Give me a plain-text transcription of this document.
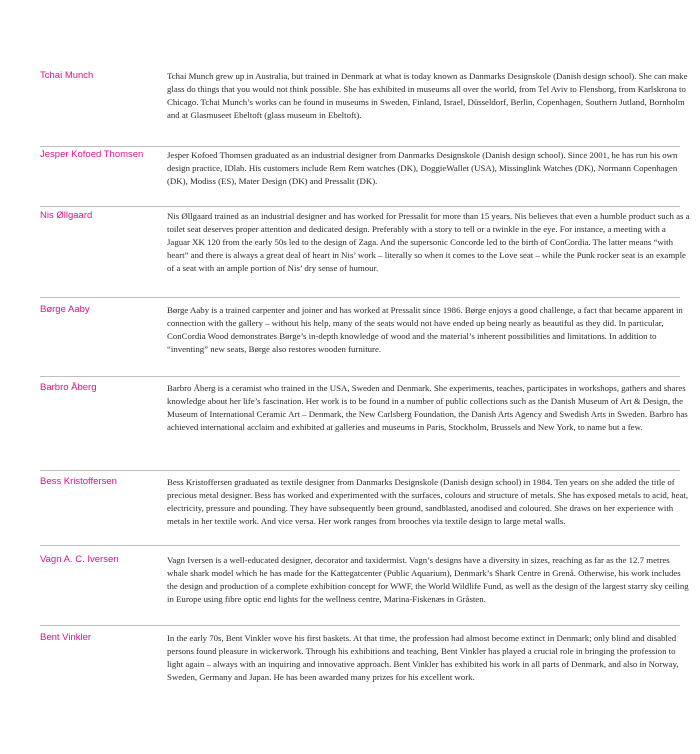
Tchai Munch	Tchai Munch grew up in Australia, but trained in Denmark at what is today known as Danmarks Designskole (Danish design school). She can make glass do things that you would not think possible. She has exhibited in museums all over the world, from Tel Aviv to Flensborg, from Karlskrona to Chicago. Tchai Munch’s works can be found in museums in Sweden, Finland, Israel, Düsseldorf, Berlin, Copenhagen, Southern Jutland, Bornholm and at Glasmuseet Ebeltoft (glass museum in Ebeltoft).
Jesper Kofoed Thomsen	Jesper Kofoed Thomsen graduated as an industrial designer from Danmarks Designskole (Danish design school). Since 2001, he has run his own design practice, IDlab. His customers include Rem Rem watches (DK), DoggieWallet (USA), Missinglink Watches (DK), Normann Copenhagen (DK), Modiss (ES), Mater Design (DK) and Pressalit (DK).
Nis Øllgaard	Nis Øllgaard trained as an industrial designer and has worked for Pressalit for more than 15 years. Nis believes that even a humble product such as a toilet seat deserves proper attention and dedicated design. Preferably with a story to tell or a twinkle in the eye. For instance, a meeting with a Jaguar XK 120 from the early 50s led to the design of Zaga. And the supersonic Concorde led to the birth of ConCordia. The latter means “with heart” and there is always a great deal of heart in Nis’ work – literally so when it comes to the Love seat – while the Punk rocker seat is an example of a seat with an ample portion of Nis’ dry sense of humour.
Børge Aaby	Børge Aaby is a trained carpenter and joiner and has worked at Pressalit since 1986. Børge enjoys a good challenge, a fact that became apparent in connection with the gallery – without his help, many of the seats would not have ended up being nearly as beautiful as they did. In particular, ConCordia Wood demonstrates Børge’s in-depth knowledge of wood and the material’s inherent possibilities and limitations. In addition to “inventing” new seats, Børge also restores wooden furniture.
Barbro Åberg	Barbro Åberg is a ceramist who trained in the USA, Sweden and Denmark. She experiments, teaches, participates in workshops, gathers and shares knowledge about her life’s fascination. Her work is to be found in a number of public collections such as the Danish Museum of Art & Design, the Museum of International Ceramic Art – Denmark, the New Carlsberg Foundation, the Danish Arts Agency and Swedish Arts in Sweden. Barbro has achieved international acclaim and exhibited at galleries and museums in Paris, Stockholm, Brussels and New York, to name but a few.
Bess Kristoffersen	Bess Kristoffersen graduated as textile designer from Danmarks Designskole (Danish design school) in 1984. Ten years on she added the title of precious metal designer. Bess has worked and experimented with the surfaces, colours and structure of metals. She has exposed metals to acid, heat, electricity, pressure and pounding. They have subsequently been ground, sandblasted, anodised and coloured. She draws on her experience with metals in her textile work. And vice versa. Her work ranges from brooches via textile design to large metal walls.
Vagn A. C. Iversen	Vagn Iversen is a well-educated designer, decorator and taxidermist. Vagn’s designs have a diversity in sizes, reaching as far as the 12.7 metres whale shark model which he has made for the Kattegatcenter (Public Aquarium), Denmark’s Shark Centre in Grenå. Otherwise, his work includes the design and production of a complete exhibition concept for WWF, the World Wildlife Fund, as well as the design of the largest starry sky ceiling in Europe using fibre optic end lights for the wellness centre, Marina-Fiskenæs in Gråsten.
Bent Vinkler	In the early 70s, Bent Vinkler wove his first baskets. At that time, the profession had almost become extinct in Denmark; only blind and disabled persons found pleasure in wickerwork. Through his exhibitions and teaching, Bent Vinkler has played a crucial role in bringing the profession to light again – always with an inquiring and innovative approach. Bent Vinkler has exhibited his work in all parts of Denmark, and also in Norway, Sweden, Germany and Japan. He has been awarded many prizes for his excellent work.
